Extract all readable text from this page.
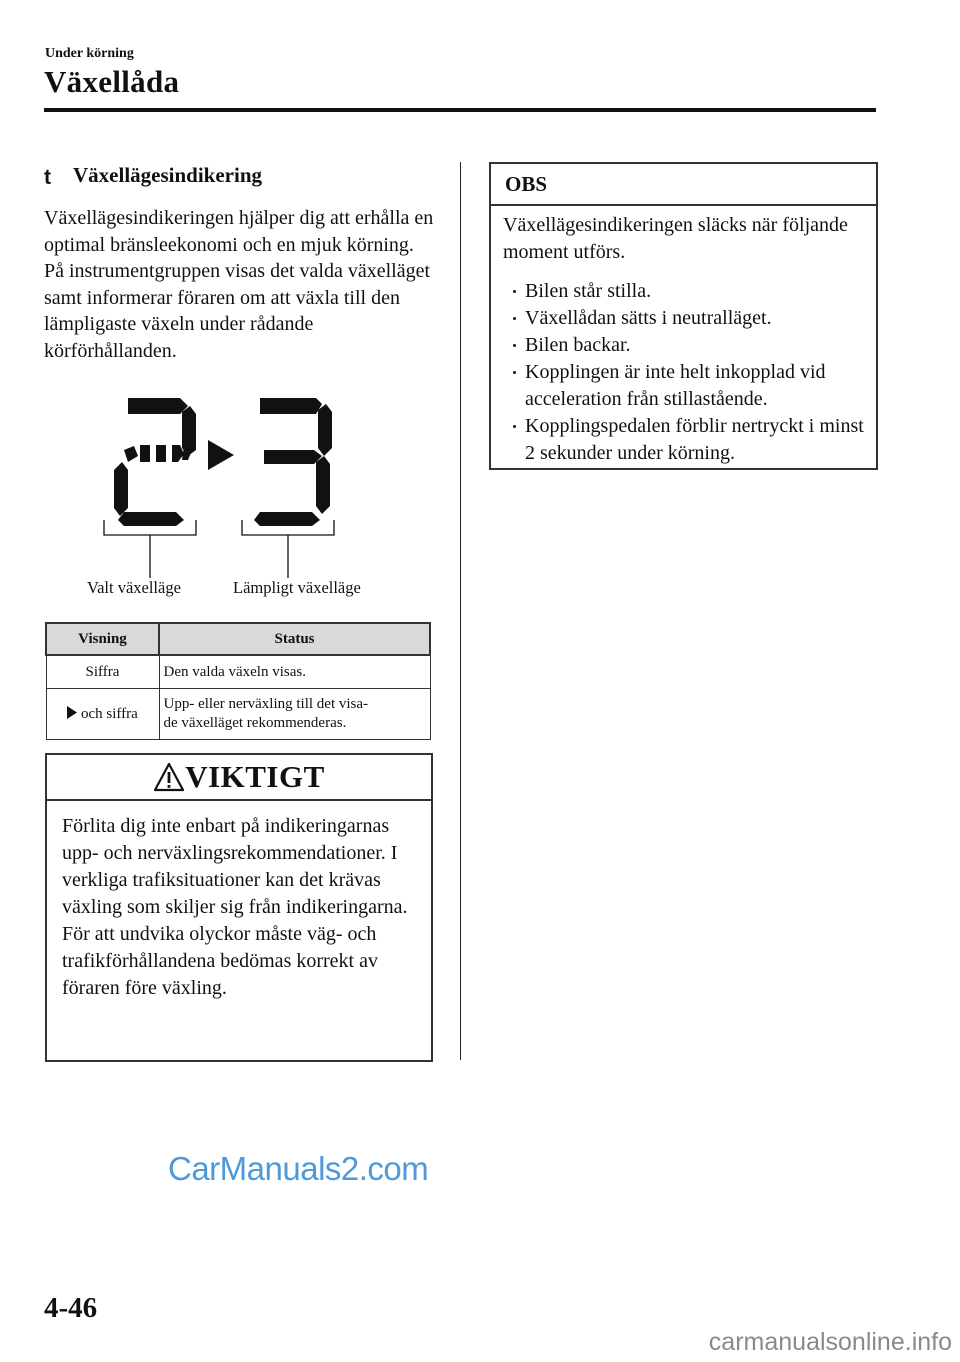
Under körning
Växellåda
t Växellägesindikering
Växellägesindikeringen hjälper dig att erhålla en optimal bränsleekonomi och en mjuk körning. På instrumentgruppen visas det valda växelläget samt informerar föraren om att växla till den lämpligaste växeln under rådande körförhållanden.
Valt växelläge	Lämpligt växelläge
Visning	Status
Siffra	Den valda växeln visas.
och siffra	Upp- eller nerväxling till det visa-
de växelläget rekommenderas.
VIKTIGT
Förlita dig inte enbart på indikeringarnas upp- och nerväxlingsrekommendationer. I verkliga trafiksituationer kan det krävas växling som skiljer sig från indikeringarna. För att undvika olyckor måste väg- och trafikförhållandena bedömas korrekt av föraren före växling.
OBS
Växellägesindikeringen släcks när följande moment utförs.
Bilen står stilla.
Växellådan sätts i neutralläget.
Bilen backar.
Kopplingen är inte helt inkopplad vid acceleration från stillastående.
Kopplingspedalen förblir nertryckt i minst 2 sekunder under körning.
CarManuals2.com
4-46
carmanualsonline.info
